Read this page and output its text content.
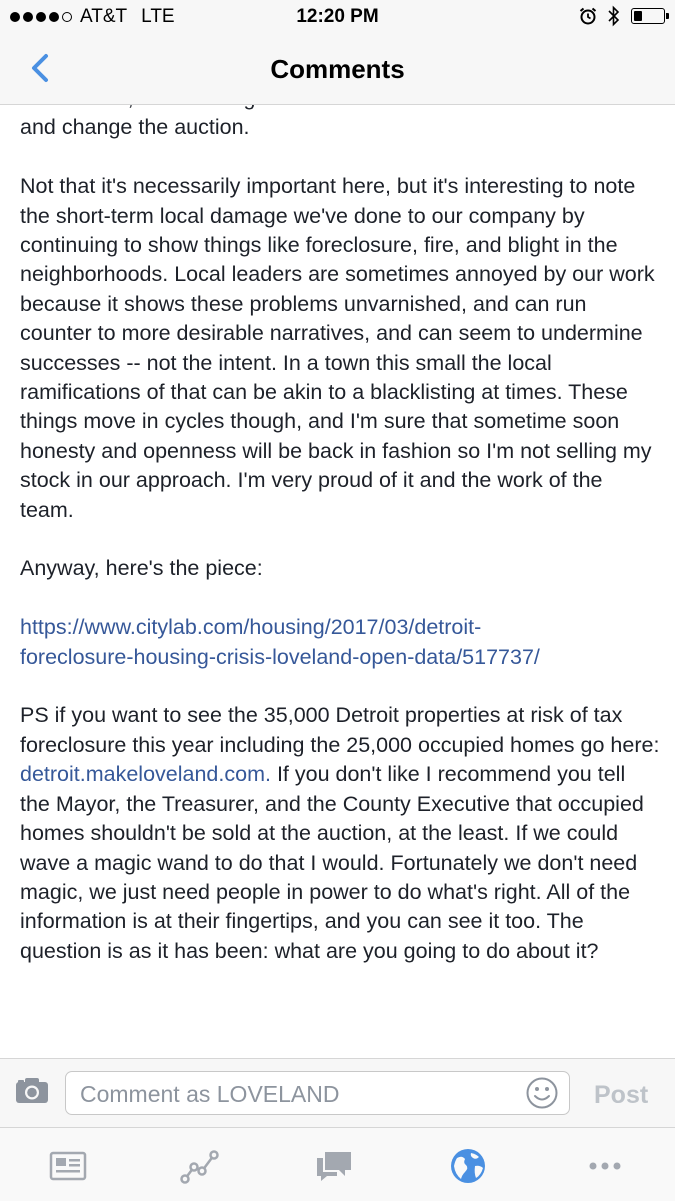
AT&T LTE	12:20 PM
Comments

and change the auction.

Not that it's necessarily important here, but it's interesting to note the short-term local damage we've done to our company by continuing to show things like foreclosure, fire, and blight in the neighborhoods. Local leaders are sometimes annoyed by our work because it shows these problems unvarnished, and can run counter to more desirable narratives, and can seem to undermine successes -- not the intent. In a town this small the local ramifications of that can be akin to a blacklisting at times. These things move in cycles though, and I'm sure that sometime soon honesty and openness will be back in fashion so I'm not selling my stock in our approach. I'm very proud of it and the work of the team.

Anyway, here's the piece:

https://www.citylab.com/housing/2017/03/detroit-
foreclosure-housing-crisis-loveland-open-data/517737/

PS if you want to see the 35,000 Detroit properties at risk of tax foreclosure this year including the 25,000 occupied homes go here: detroit.makeloveland.com. If you don't like I recommend you tell the Mayor, the Treasurer, and the County Executive that occupied homes shouldn't be sold at the auction, at the least. If we could wave a magic wand to do that I would. Fortunately we don't need magic, we just need people in power to do what's right. All of the information is at their fingertips, and you can see it too. The question is as it has been: what are you going to do about it?

Comment as LOVELAND
Post
